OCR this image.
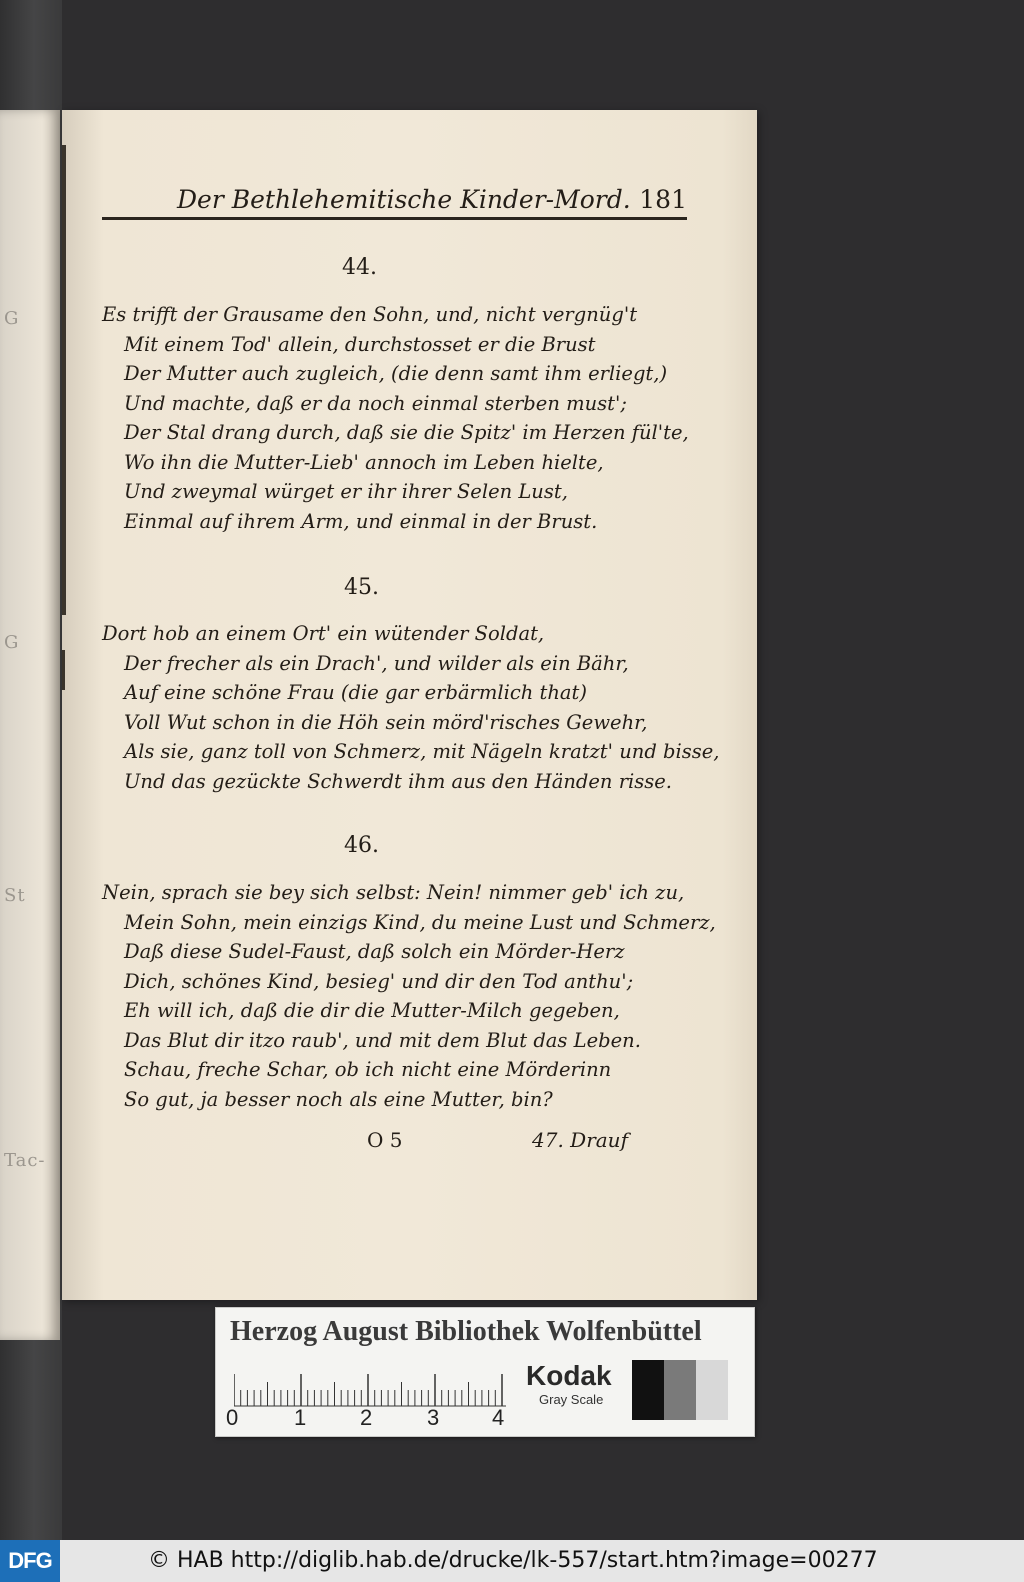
G
G
St
Tac-
Der Bethlehemitische Kinder-Mord. 181
44.
Es trifft der Grausame den Sohn, und, nicht vergnüg't
Mit einem Tod' allein, durchstosset er die Brust
Der Mutter auch zugleich, (die denn samt ihm erliegt,)
Und machte, daß er da noch einmal sterben must';
Der Stal drang durch, daß sie die Spitz' im Herzen fül'te,
Wo ihn die Mutter-Lieb' annoch im Leben hielte,
Und zweymal würget er ihr ihrer Selen Lust,
Einmal auf ihrem Arm, und einmal in der Brust.
45.
Dort hob an einem Ort' ein wütender Soldat,
Der frecher als ein Drach', und wilder als ein Bähr,
Auf eine schöne Frau (die gar erbärmlich that)
Voll Wut schon in die Höh sein mörd'risches Gewehr,
Als sie, ganz toll von Schmerz, mit Nägeln kratzt' und bisse,
Und das gezückte Schwerdt ihm aus den Händen risse.
46.
Nein, sprach sie bey sich selbst: Nein! nimmer geb' ich zu,
Mein Sohn, mein einzigs Kind, du meine Lust und Schmerz,
Daß diese Sudel-Faust, daß solch ein Mörder-Herz
Dich, schönes Kind, besieg' und dir den Tod anthu';
Eh will ich, daß die dir die Mutter-Milch gegeben,
Das Blut dir itzo raub', und mit dem Blut das Leben.
Schau, freche Schar, ob ich nicht eine Mörderinn
So gut, ja besser noch als eine Mutter, bin?
O 5	47. Drauf
Herzog August Bibliothek Wolfenbüttel
0	1 2 3 4
Kodak
Gray Scale
DFG	© HAB http://diglib.hab.de/drucke/lk-557/start.htm?image=00277
